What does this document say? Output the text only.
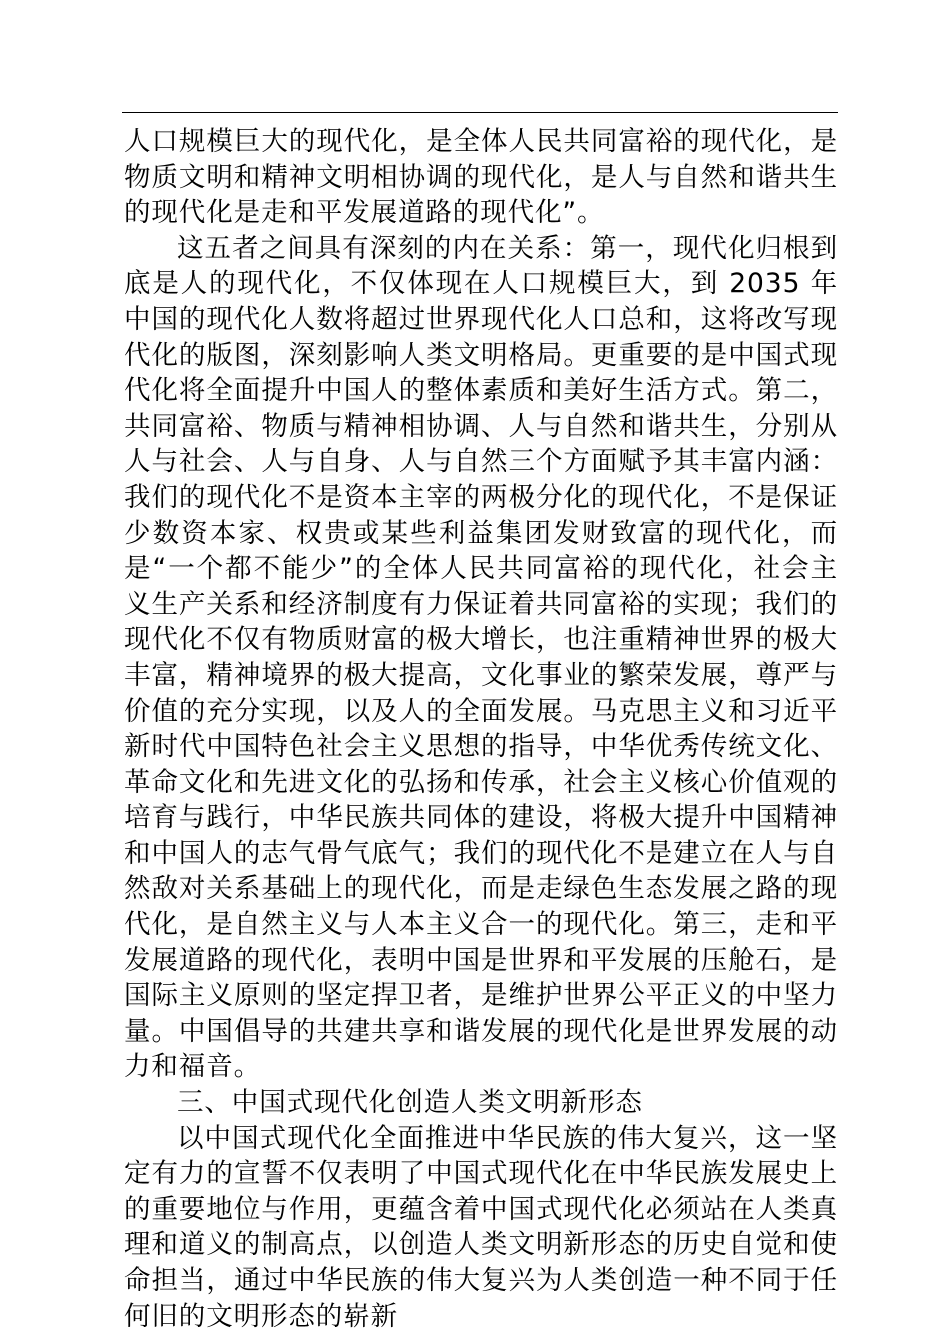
人口规模巨大的现代化，是全体人民共同富裕的现代化，是物质文明和精神文明相协调的现代化，是人与自然和谐共生的现代化是走和平发展道路的现代化”。

这五者之间具有深刻的内在关系：第一，现代化归根到底是人的现代化，不仅体现在人口规模巨大，到 2035 年中国的现代化人数将超过世界现代化人口总和，这将改写现代化的版图，深刻影响人类文明格局。更重要的是中国式现代化将全面提升中国人的整体素质和美好生活方式。第二，共同富裕、物质与精神相协调、人与自然和谐共生，分别从人与社会、人与自身、人与自然三个方面赋予其丰富内涵：我们的现代化不是资本主宰的两极分化的现代化，不是保证少数资本家、权贵或某些利益集团发财致富的现代化，而是“一个都不能少”的全体人民共同富裕的现代化，社会主义生产关系和经济制度有力保证着共同富裕的实现；我们的现代化不仅有物质财富的极大增长，也注重精神世界的极大丰富，精神境界的极大提高，文化事业的繁荣发展，尊严与价值的充分实现，以及人的全面发展。马克思主义和习近平新时代中国特色社会主义思想的指导，中华优秀传统文化、革命文化和先进文化的弘扬和传承，社会主义核心价值观的培育与践行，中华民族共同体的建设，将极大提升中国精神和中国人的志气骨气底气；我们的现代化不是建立在人与自然敌对关系基础上的现代化，而是走绿色生态发展之路的现代化，是自然主义与人本主义合一的现代化。第三，走和平发展道路的现代化，表明中国是世界和平发展的压舱石，是国际主义原则的坚定捍卫者，是维护世界公平正义的中坚力量。中国倡导的共建共享和谐发展的现代化是世界发展的动力和福音。

三、中国式现代化创造人类文明新形态

以中国式现代化全面推进中华民族的伟大复兴，这一坚定有力的宣誓不仅表明了中国式现代化在中华民族发展史上的重要地位与作用，更蕴含着中国式现代化必须站在人类真理和道义的制高点，以创造人类文明新形态的历史自觉和使命担当，通过中华民族的伟大复兴为人类创造一种不同于任何旧的文明形态的崭新
